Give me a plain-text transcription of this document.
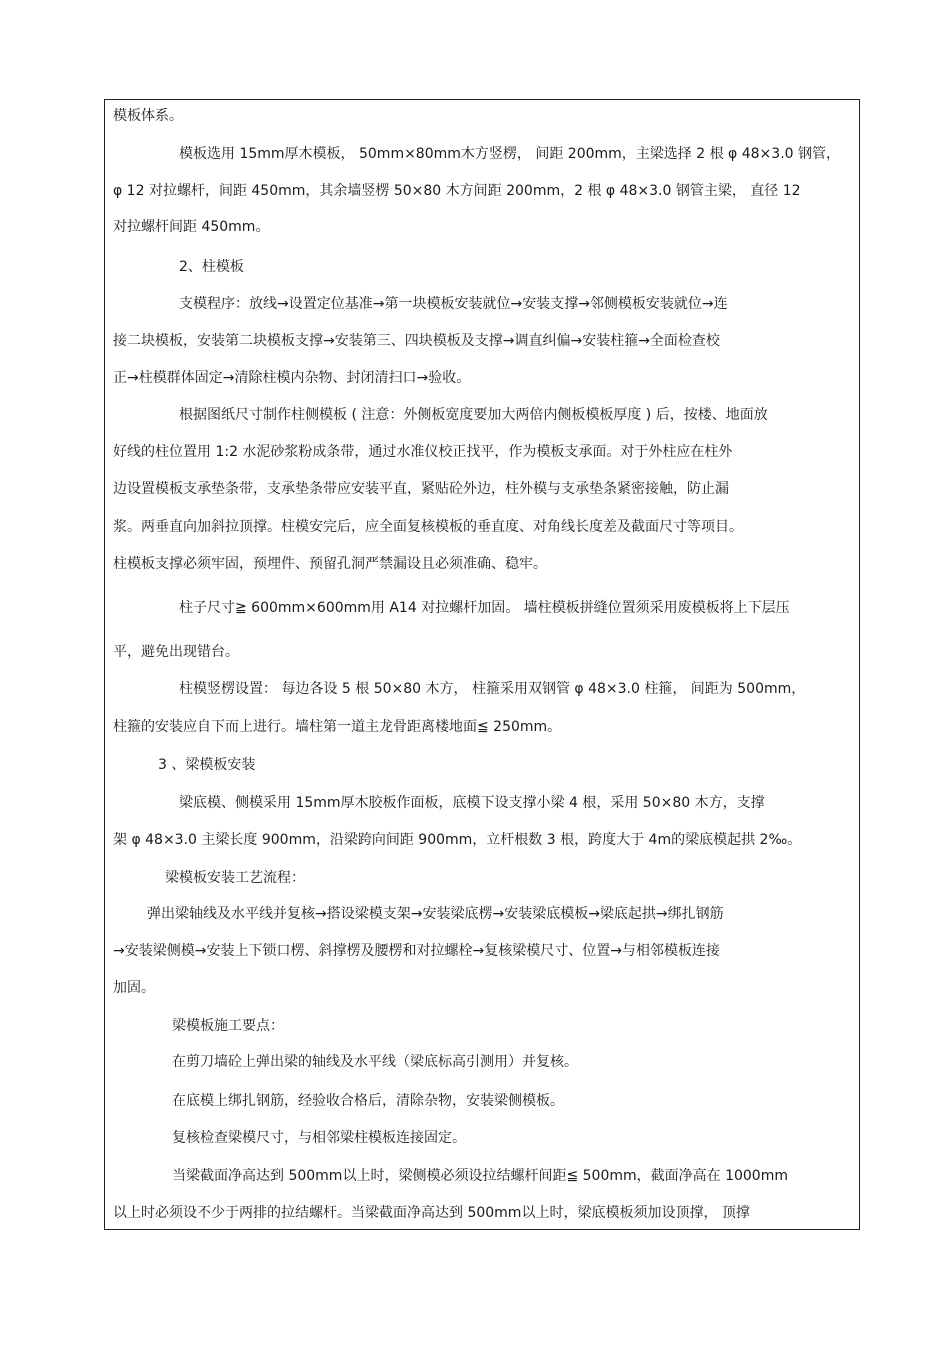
模板体系。
模板选用 15mm厚木模板， 50mm×80mm木方竖楞， 间距 200mm，主梁选择 2 根 φ 48×3.0 钢管，
φ 12 对拉螺杆，间距 450mm，其余墙竖楞 50×80 木方间距 200mm，2 根 φ 48×3.0 钢管主梁， 直径 12
对拉螺杆间距 450mm。
2、柱模板
支模程序：放线→设置定位基准→第一块模板安装就位→安装支撑→邻侧模板安装就位→连
接二块模板，安装第二块模板支撑→安装第三、四块模板及支撑→调直纠偏→安装柱箍→全面检查校
正→柱模群体固定→清除柱模内杂物、封闭清扫口→验收。
根据图纸尺寸制作柱侧模板 ( 注意：外侧板宽度要加大两倍内侧板模板厚度 ) 后，按楼、地面放
好线的柱位置用 1:2 水泥砂浆粉成条带，通过水准仪校正找平，作为模板支承面。对于外柱应在柱外
边设置模板支承垫条带，支承垫条带应安装平直，紧贴砼外边，柱外模与支承垫条紧密接触，防止漏
浆。两垂直向加斜拉顶撑。柱模安完后，应全面复核模板的垂直度、对角线长度差及截面尺寸等项目。
柱模板支撑必须牢固，预埋件、预留孔洞严禁漏设且必须准确、稳牢。
柱子尺寸≧ 600mm×600mm用 A14 对拉螺杆加固。 墙柱模板拼缝位置须采用废模板将上下层压
平，避免出现错台。
柱模竖楞设置： 每边各设 5 根 50×80 木方， 柱箍采用双钢管 φ 48×3.0 柱箍， 间距为 500mm，
柱箍的安装应自下而上进行。墙柱第一道主龙骨距离楼地面≦ 250mm。
3 、梁模板安装
梁底模、侧模采用 15mm厚木胶板作面板，底模下设支撑小梁 4 根，采用 50×80 木方，支撑
架 φ 48×3.0 主梁长度 900mm，沿梁跨向间距 900mm，立杆根数 3 根，跨度大于 4m的梁底模起拱 2‰。
梁模板安装工艺流程：
弹出梁轴线及水平线并复核→搭设梁模支架→安装梁底楞→安装梁底模板→梁底起拱→绑扎钢筋
→安装梁侧模→安装上下锁口楞、斜撑楞及腰楞和对拉螺栓→复核梁模尺寸、位置→与相邻模板连接
加固。
梁模板施工要点：
在剪刀墙砼上弹出梁的轴线及水平线（梁底标高引测用）并复核。
在底模上绑扎钢筋，经验收合格后，清除杂物，安装梁侧模板。
复核检查梁模尺寸，与相邻梁柱模板连接固定。
当梁截面净高达到 500mm以上时，梁侧模必须设拉结螺杆间距≦ 500mm，截面净高在 1000mm
以上时必须设不少于两排的拉结螺杆。当梁截面净高达到 500mm以上时，梁底模板须加设顶撑， 顶撑
